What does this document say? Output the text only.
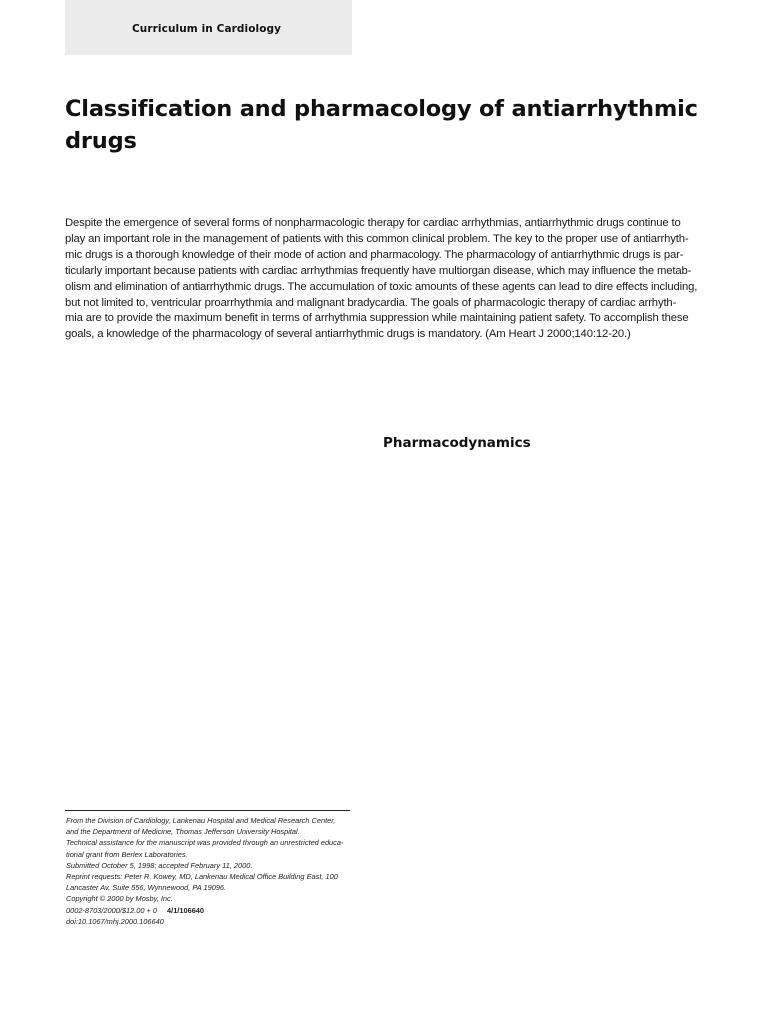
Curriculum in Cardiology
Classification and pharmacology of antiarrhythmic drugs

Despite the emergence of several forms of nonpharmacologic therapy for cardiac arrhythmias, antiarrhythmic drugs continue to
play an important role in the management of patients with this common clinical problem. The key to the proper use of antiarrhyth-
mic drugs is a thorough knowledge of their mode of action and pharmacology. The pharmacology of antiarrhythmic drugs is par-
ticularly important because patients with cardiac arrhythmias frequently have multiorgan disease, which may influence the metab-
olism and elimination of antiarrhythmic drugs. The accumulation of toxic amounts of these agents can lead to dire effects including,
but not limited to, ventricular proarrhythmia and malignant bradycardia. The goals of pharmacologic therapy of cardiac arrhyth-
mia are to provide the maximum benefit in terms of arrhythmia suppression while maintaining patient safety. To accomplish these
goals, a knowledge of the pharmacology of several antiarrhythmic drugs is mandatory. (Am Heart J 2000;140:12-20.)

Pharmacodynamics
From the Division of Cardiology, Lankenau Hospital and Medical Research Center,
and the Department of Medicine, Thomas Jefferson University Hospital.
Technical assistance for the manuscript was provided through an unrestricted educa-
tional grant from Berlex Laboratories.
Submitted October 5, 1998; accepted February 11, 2000.
Reprint requests: Peter R. Kowey, MD, Lankenau Medical Office Building East, 100
Lancaster Av, Suite 556, Wynnewood, PA 19096.
Copyright © 2000 by Mosby, Inc.
0002-8703/2000/$12.00 + 0 4/1/106640
doi:10.1067/mhj.2000.106640
